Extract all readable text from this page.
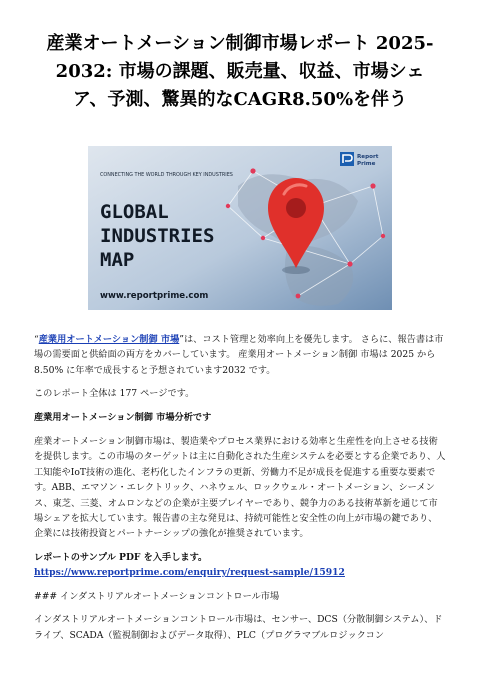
産業オートメーション制御市場レポート 2025-2032: 市場の課題、販売量、収益、市場シェア、予測、驚異的なCAGR8.50%を伴う
Report
Prime
CONNECTING THE WORLD THROUGH KEY INDUSTRIES
GLOBAL
INDUSTRIES
MAP
www.reportprime.com

“産業用オートメーション制御 市場”は、コスト管理と効率向上を優先します。 さらに、報告書は市場の需要面と供給面の両方をカバーしています。 産業用オートメーション制御 市場は 2025 から 8.50% に年率で成長すると予想されています2032 です。

このレポート全体は 177 ページです。

産業用オートメーション制御 市場分析です

産業オートメーション制御市場は、製造業やプロセス業界における効率と生産性を向上させる技術を提供します。この市場のターゲットは主に自動化された生産システムを必要とする企業であり、人工知能やIoT技術の進化、老朽化したインフラの更新、労働力不足が成長を促進する重要な要素です。ABB、エマソン・エレクトリック、ハネウェル、ロックウェル・オートメーション、シーメンス、東芝、三菱、オムロンなどの企業が主要プレイヤーであり、競争力のある技術革新を通じて市場シェアを拡大しています。報告書の主な発見は、持続可能性と安全性の向上が市場の鍵であり、企業には技術投資とパートナーシップの強化が推奨されています。

レポートのサンプル PDF を入手します。 https://www.reportprime.com/enquiry/request-sample/15912

### インダストリアルオートメーションコントロール市場

インダストリアルオートメーションコントロール市場は、センサー、DCS（分散制御システム）、ドライブ、SCADA（監視制御およびデータ取得）、PLC（プログラマブルロジックコン
